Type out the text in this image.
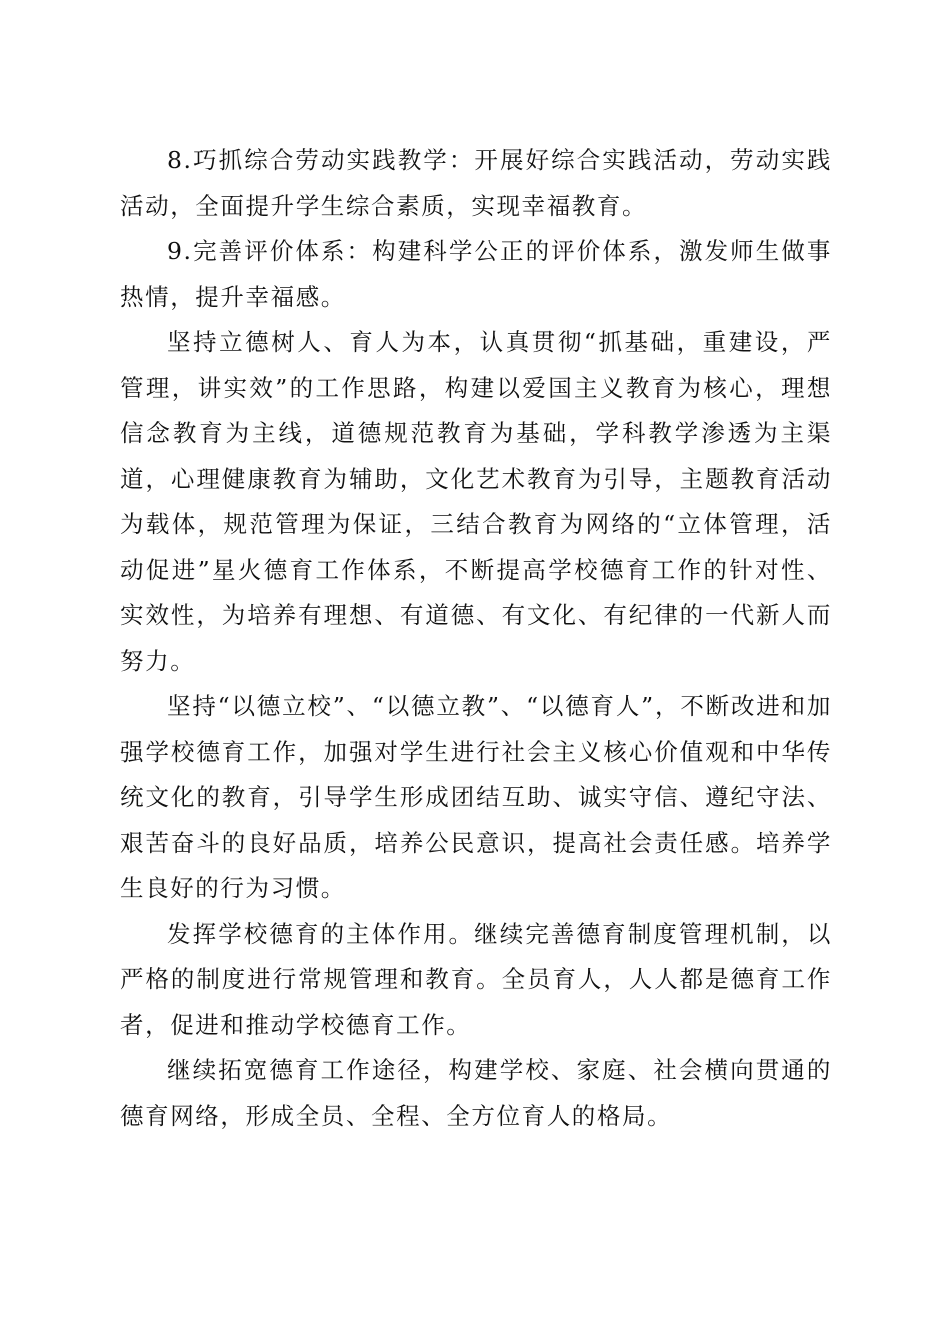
8.巧抓综合劳动实践教学：开展好综合实践活动，劳动实践活动，全面提升学生综合素质，实现幸福教育。

9.完善评价体系：构建科学公正的评价体系，激发师生做事热情，提升幸福感。

坚持立德树人、育人为本，认真贯彻“抓基础，重建设，严管理，讲实效”的工作思路，构建以爱国主义教育为核心，理想信念教育为主线，道德规范教育为基础，学科教学渗透为主渠道，心理健康教育为辅助，文化艺术教育为引导，主题教育活动为载体，规范管理为保证，三结合教育为网络的“立体管理，活动促进”星火德育工作体系，不断提高学校德育工作的针对性、实效性，为培养有理想、有道德、有文化、有纪律的一代新人而努力。

坚持“以德立校”、“以德立教”、“以德育人”，不断改进和加强学校德育工作，加强对学生进行社会主义核心价值观和中华传统文化的教育，引导学生形成团结互助、诚实守信、遵纪守法、艰苦奋斗的良好品质，培养公民意识，提高社会责任感。培养学生良好的行为习惯。

发挥学校德育的主体作用。继续完善德育制度管理机制，以严格的制度进行常规管理和教育。全员育人，人人都是德育工作者，促进和推动学校德育工作。

继续拓宽德育工作途径，构建学校、家庭、社会横向贯通的德育网络，形成全员、全程、全方位育人的格局。
